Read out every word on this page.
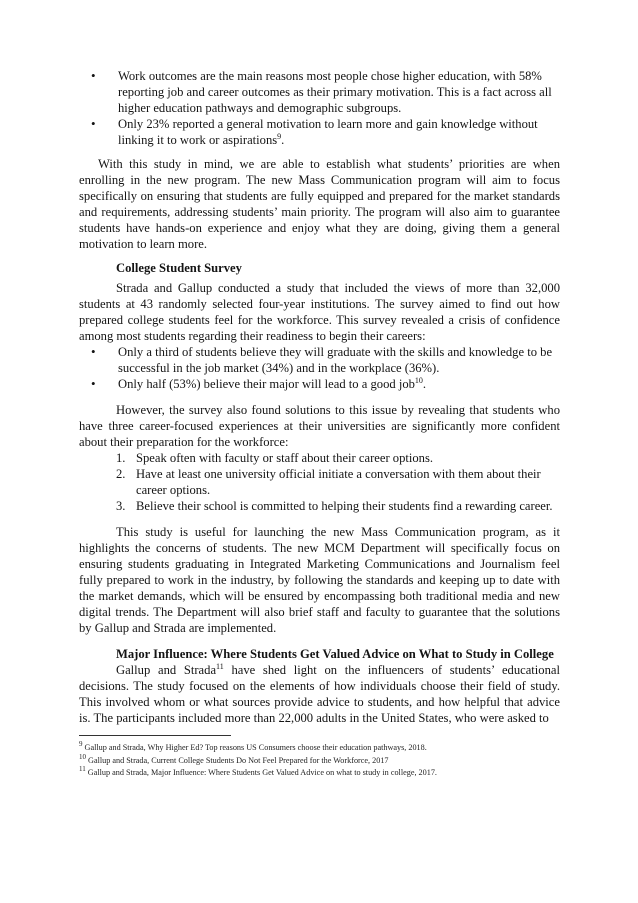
• Work outcomes are the main reasons most people chose higher education, with 58% reporting job and career outcomes as their primary motivation. This is a fact across all higher education pathways and demographic subgroups.
• Only 23% reported a general motivation to learn more and gain knowledge without linking it to work or aspirations$^9$.

With this study in mind, we are able to establish what students’ priorities are when enrolling in the new program. The new Mass Communication program will aim to focus specifically on ensuring that students are fully equipped and prepared for the market standards and requirements, addressing students’ main priority. The program will also aim to guarantee students have hands-on experience and enjoy what they are doing, giving them a general motivation to learn more.

College Student Survey

Strada and Gallup conducted a study that included the views of more than 32,000 students at 43 randomly selected four-year institutions. The survey aimed to find out how prepared college students feel for the workforce. This survey revealed a crisis of confidence among most students regarding their readiness to begin their careers:

• Only a third of students believe they will graduate with the skills and knowledge to be successful in the job market (34%) and in the workplace (36%).
• Only half (53%) believe their major will lead to a good job$^{10}$.

However, the survey also found solutions to this issue by revealing that students who have three career-focused experiences at their universities are significantly more confident about their preparation for the workforce:

1. Speak often with faculty or staff about their career options.
2. Have at least one university official initiate a conversation with them about their career options.
3. Believe their school is committed to helping their students find a rewarding career.

This study is useful for launching the new Mass Communication program, as it highlights the concerns of students. The new MCM Department will specifically focus on ensuring students graduating in Integrated Marketing Communications and Journalism feel fully prepared to work in the industry, by following the standards and keeping up to date with the market demands, which will be ensured by encompassing both traditional media and new digital trends. The Department will also brief staff and faculty to guarantee that the solutions by Gallup and Strada are implemented.

Major Influence: Where Students Get Valued Advice on What to Study in College

Gallup and Strada$^{11}$ have shed light on the influencers of students’ educational decisions. The study focused on the elements of how individuals choose their field of study. This involved whom or what sources provide advice to students, and how helpful that advice is. The participants included more than 22,000 adults in the United States, who were asked to

$^9$ Gallup and Strada, Why Higher Ed? Top reasons US Consumers choose their education pathways, 2018.
$^{10}$ Gallup and Strada, Current College Students Do Not Feel Prepared for the Workforce, 2017
$^{11}$ Gallup and Strada, Major Influence: Where Students Get Valued Advice on what to study in college, 2017.
